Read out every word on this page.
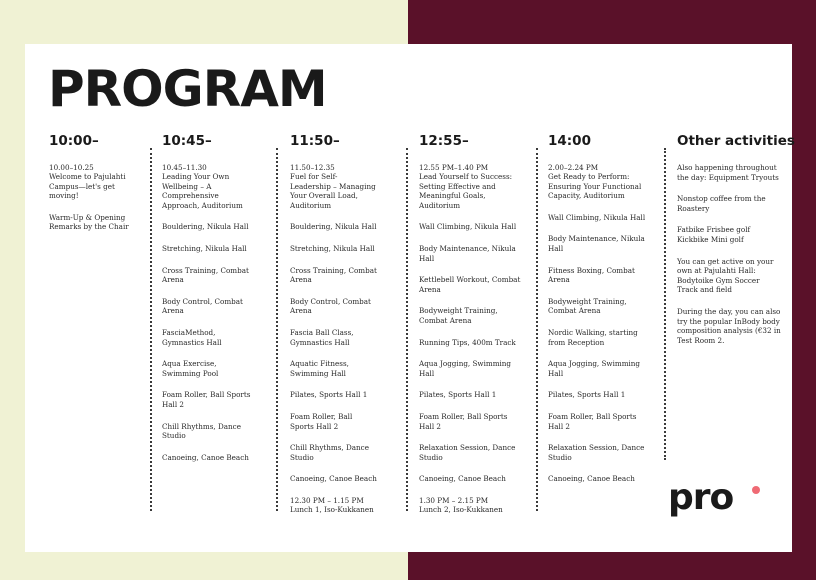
PROGRAM
10:00–

10.00–10.25

Welcome to Pajulahti Campus—let's get moving!

Warm-Up & Opening Remarks by the Chair

10:45–

10.45–11.30

Leading Your Own Wellbeing – A Comprehensive Approach, Auditorium

Bouldering, Nikula Hall

Stretching, Nikula Hall

Cross Training, Combat Arena

Body Control, Combat Arena

FasciaMethod, Gymnastics Hall

Aqua Exercise, Swimming Pool

Foam Roller, Ball Sports Hall 2

Chill Rhythms, Dance Studio

Canoeing, Canoe Beach

11:50–

11.50–12.35

Fuel for Self-Leadership – Managing Your Overall Load, Auditorium

Bouldering, Nikula Hall

Stretching, Nikula Hall

Cross Training, Combat Arena

Body Control, Combat Arena

Fascia Ball Class, Gymnastics Hall

Aquatic Fitness, Swimming Hall

Pilates, Sports Hall 1

Foam Roller, Ball Sports Hall 2

Chill Rhythms, Dance Studio

Canoeing, Canoe Beach

12.30 PM – 1.15 PM

Lunch 1, Iso-Kukkanen

12:55–

12.55 PM–1.40 PM

Lead Yourself to Success: Setting Effective and Meaningful Goals, Auditorium

Wall Climbing, Nikula Hall

Body Maintenance, Nikula Hall

Kettlebell Workout, Combat Arena

Bodyweight Training, Combat Arena

Running Tips, 400m Track

Aqua Jogging, Swimming Hall

Pilates, Sports Hall 1

Foam Roller, Ball Sports Hall 2

Relaxation Session, Dance Studio

Canoeing, Canoe Beach

1.30 PM – 2.15 PM

Lunch 2, Iso-Kukkanen

14:00

2.00–2.24 PM

Get Ready to Perform: Ensuring Your Functional Capacity, Auditorium

Wall Climbing, Nikula Hall

Body Maintenance, Nikula Hall

Fitness Boxing, Combat Arena

Bodyweight Training, Combat Arena

Nordic Walking, starting from Reception

Aqua Jogging, Swimming Hall

Pilates, Sports Hall 1

Foam Roller, Ball Sports Hall 2

Relaxation Session, Dance Studio

Canoeing, Canoe Beach

Other activities

Also happening throughout the day: Equipment Tryouts

Nonstop coffee from the Roastery

Fatbike Frisbee golf Kickbike Mini golf

You can get active on your own at Pajulahti Hall: Bodytoike Gym Soccer Track and field

During the day, you can also try the popular InBody body composition analysis (€32 in Test Room 2.

pro
